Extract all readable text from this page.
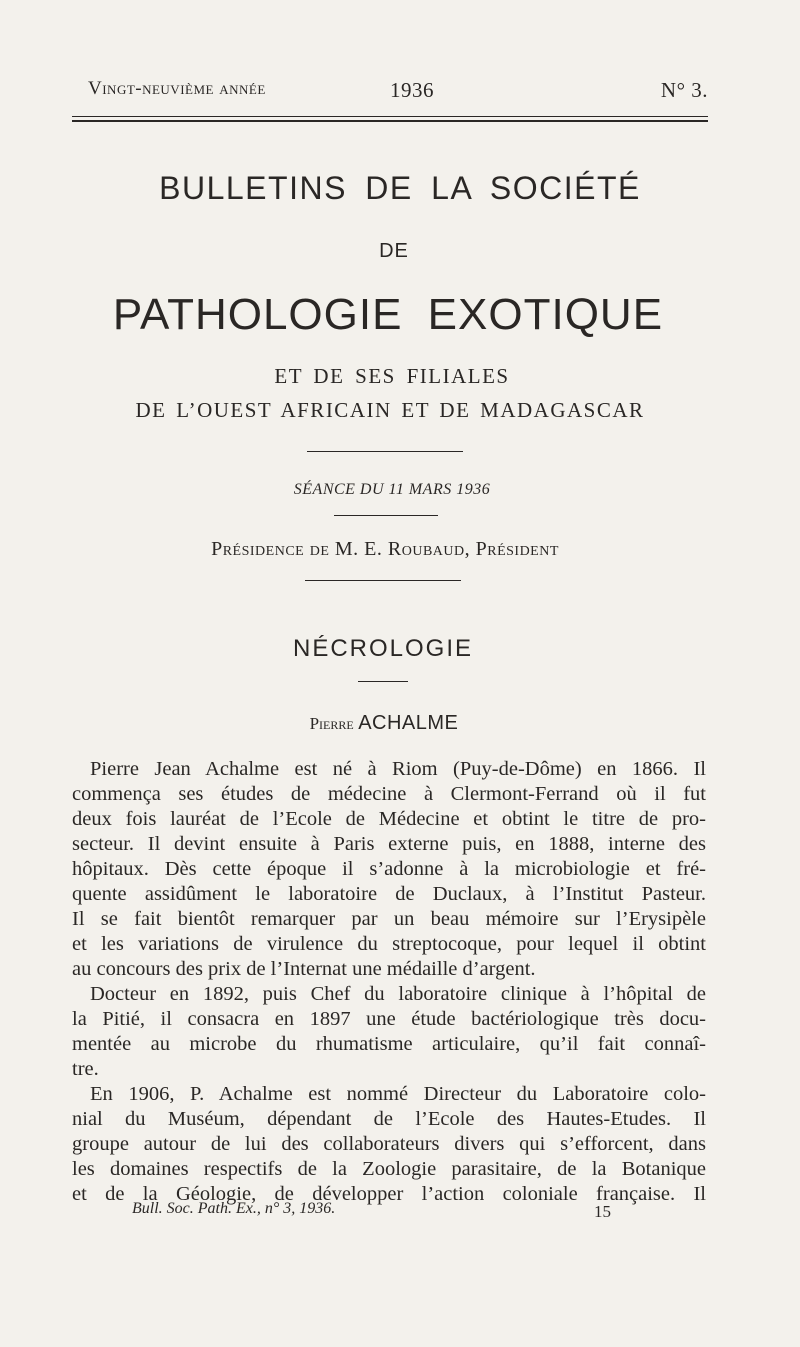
Vingt-neuvième année	1936	N° 3.
BULLETINS DE LA SOCIÉTÉ
DE
PATHOLOGIE EXOTIQUE
ET DE SES FILIALES
DE L’OUEST AFRICAIN ET DE MADAGASCAR
SÉANCE DU 11 MARS 1936
Présidence de M. E. Roubaud, Président
NÉCROLOGIE
Pierre ACHALME
Pierre Jean Achalme est né à Riom (Puy-de-Dôme) en 1866. Il
commença ses études de médecine à Clermont-Ferrand où il fut
deux fois lauréat de l’Ecole de Médecine et obtint le titre de pro-
secteur. Il devint ensuite à Paris externe puis, en 1888, interne des
hôpitaux. Dès cette époque il s’adonne à la microbiologie et fré-
quente assidûment le laboratoire de Duclaux, à l’Institut Pasteur.
Il se fait bientôt remarquer par un beau mémoire sur l’Erysipèle
et les variations de virulence du streptocoque, pour lequel il obtint
au concours des prix de l’Internat une médaille d’argent.
Docteur en 1892, puis Chef du laboratoire clinique à l’hôpital de
la Pitié, il consacra en 1897 une étude bactériologique très docu-
mentée au microbe du rhumatisme articulaire, qu’il fait connaî-
tre.
En 1906, P. Achalme est nommé Directeur du Laboratoire colo-
nial du Muséum, dépendant de l’Ecole des Hautes-Etudes. Il
groupe autour de lui des collaborateurs divers qui s’efforcent, dans
les domaines respectifs de la Zoologie parasitaire, de la Botanique
et de la Géologie, de développer l’action coloniale française. Il
Bull. Soc. Path. Ex., n° 3, 1936.	15
